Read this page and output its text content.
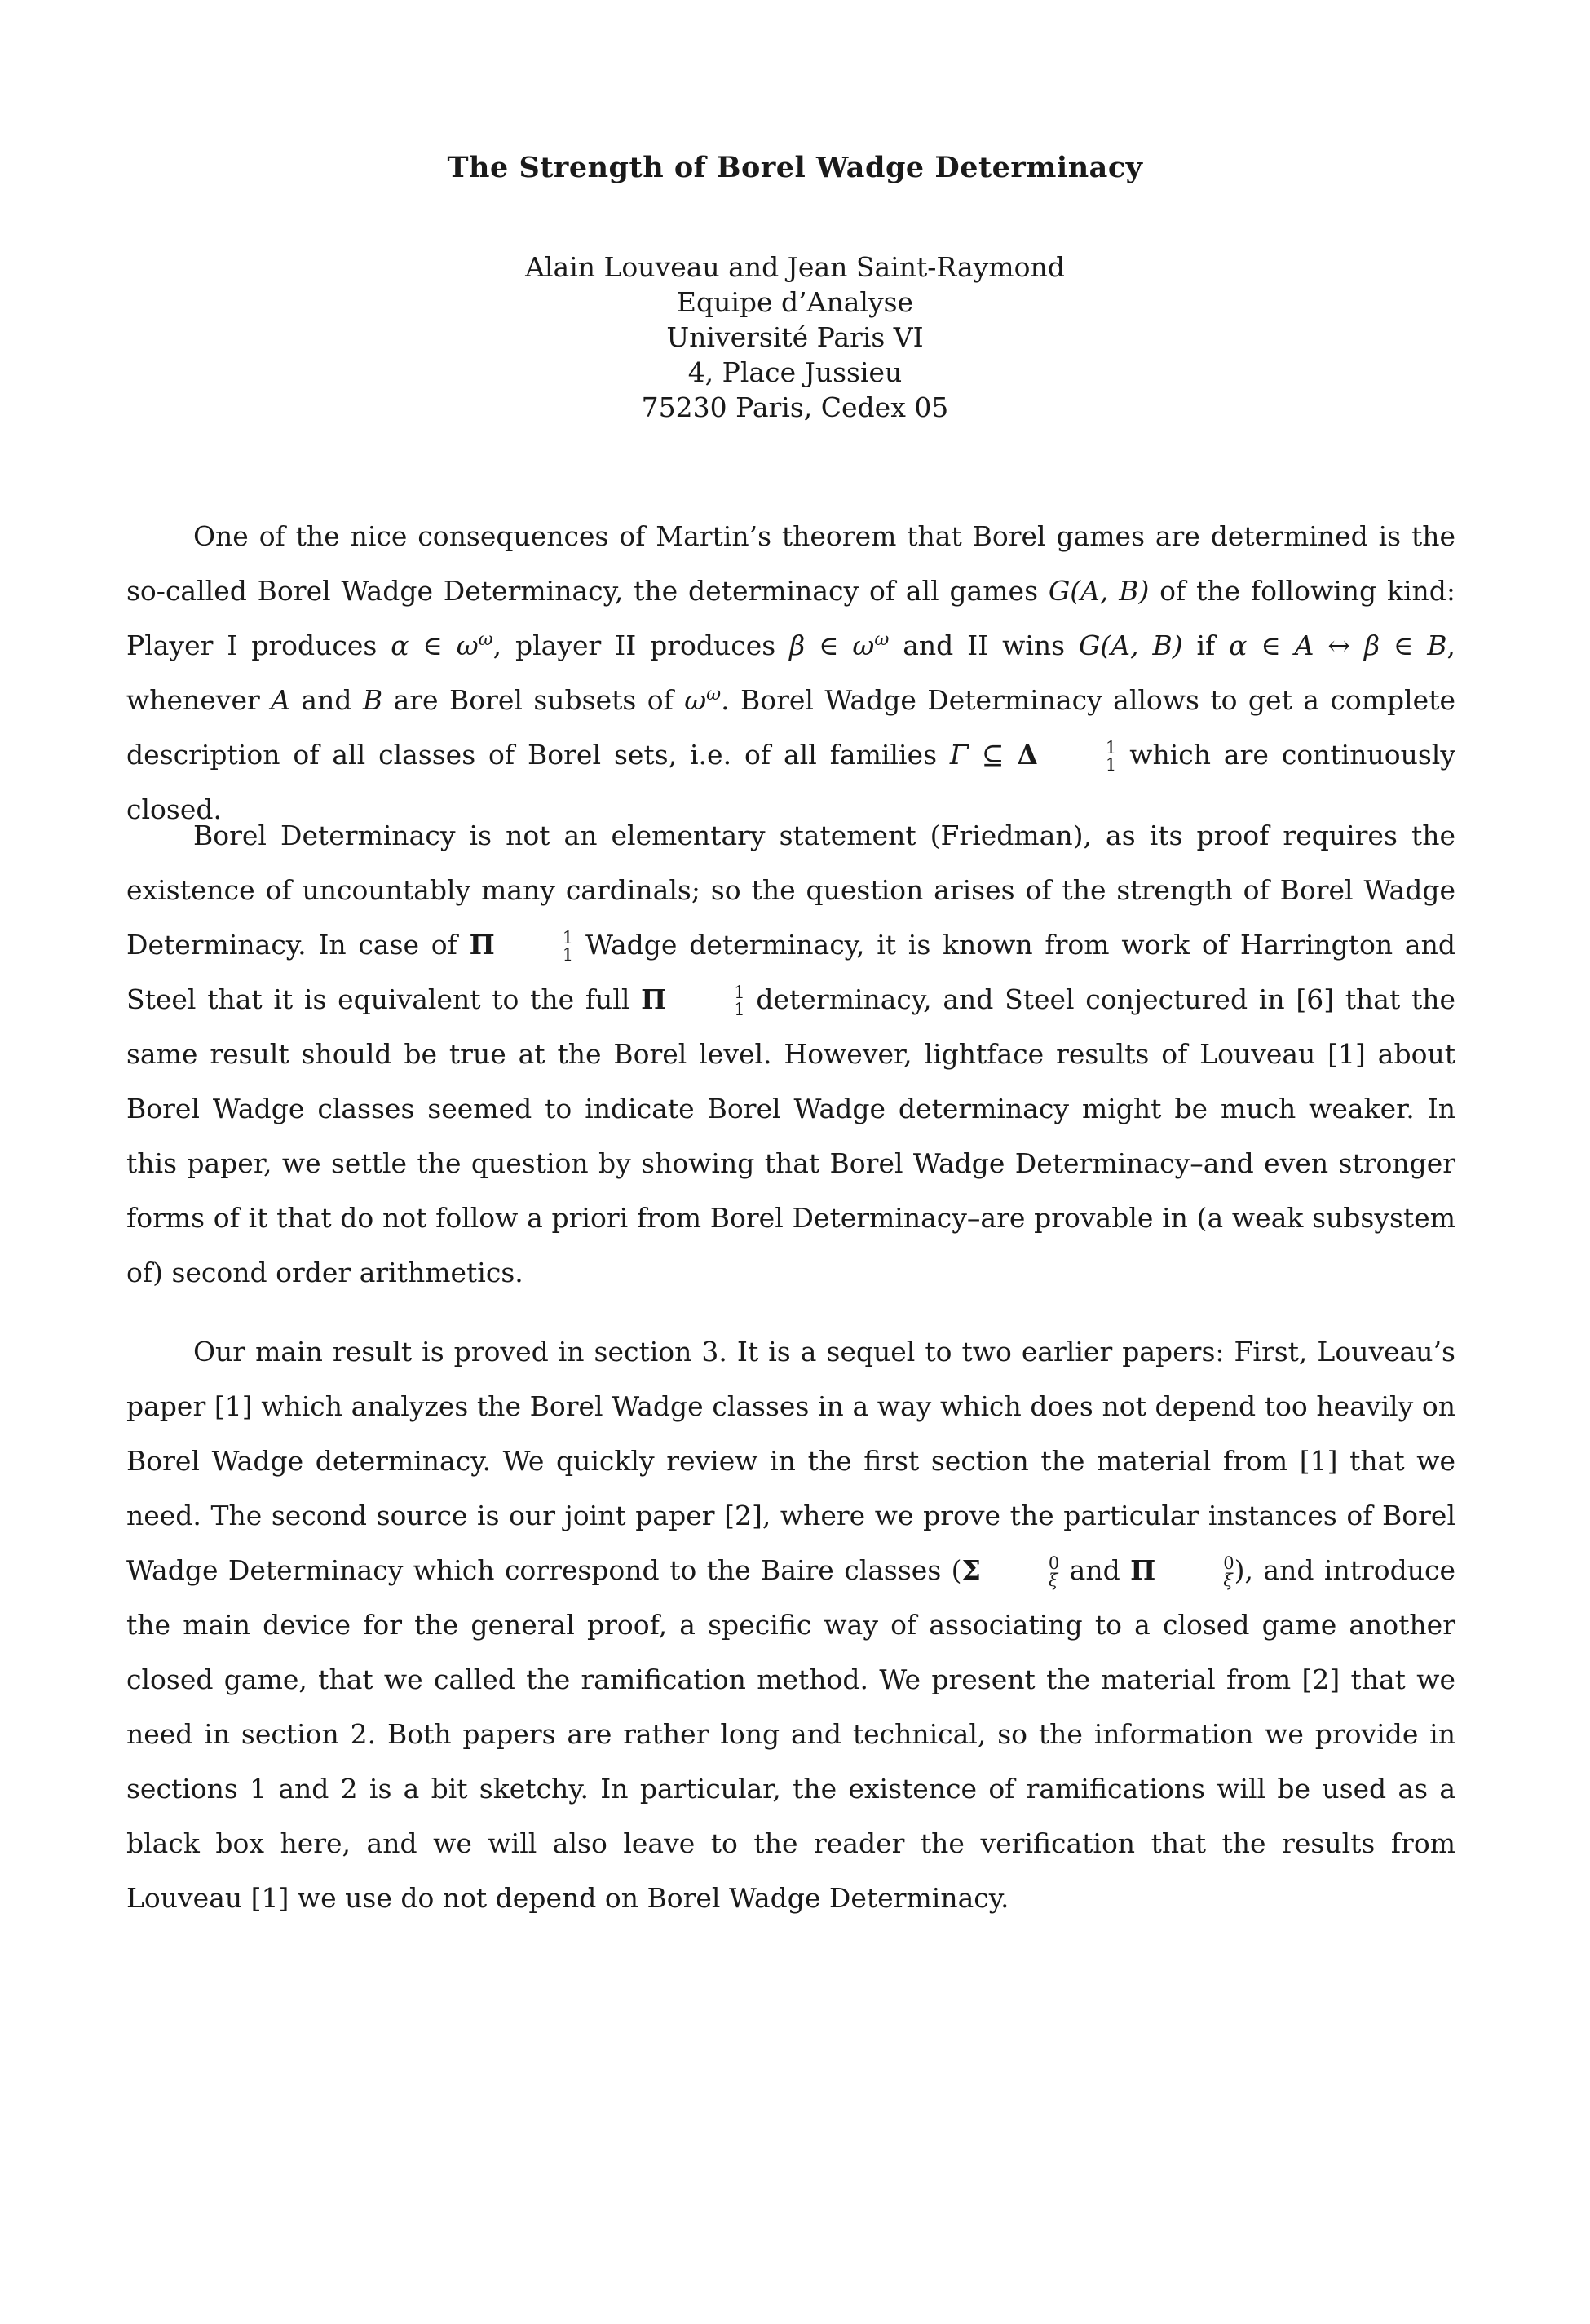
The Strength of Borel Wadge Determinacy
Alain Louveau and Jean Saint-Raymond
Equipe d’Analyse
Université Paris VI
4, Place Jussieu
75230 Paris, Cedex 05

One of the nice consequences of Martin’s theorem that Borel games are determined is the so-called Borel Wadge Determinacy, the determinacy of all games G(A, B) of the following kind: Player I produces α ∈ $\omega^\omega$, player II produces β ∈ $\omega^\omega$ and II wins G(A, B) if α ∈ A ↔ β ∈ B, whenever A and B are Borel subsets of $\omega^\omega$. Borel Wadge Determinacy allows to get a complete description of all classes of Borel sets, i.e. of all families Γ ⊆ Δ	1
1 which are continuously closed.

Borel Determinacy is not an elementary statement (Friedman), as its proof requires the existence of uncountably many cardinals; so the question arises of the strength of Borel Wadge Determinacy. In case of Π	1
1 Wadge determinacy, it is known from work of Harrington and Steel that it is equivalent to the full Π	1
1 determinacy, and Steel conjectured in [6] that the same result should be true at the Borel level. However, lightface results of Louveau [1] about Borel Wadge classes seemed to indicate Borel Wadge determinacy might be much weaker. In this paper, we settle the question by showing that Borel Wadge Determinacy–and even stronger forms of it that do not follow a priori from Borel Determinacy–are provable in (a weak subsystem of) second order arithmetics.

Our main result is proved in section 3. It is a sequel to two earlier papers: First, Louveau’s paper [1] which analyzes the Borel Wadge classes in a way which does not depend too heavily on Borel Wadge determinacy. We quickly review in the first section the material from [1] that we need. The second source is our joint paper [2], where we prove the particular instances of Borel Wadge Determinacy which correspond to the Baire classes (Σ	0
ξ and Π	0
ξ ), and introduce the main device for the general proof, a specific way of associating to a closed game another closed game, that we called the ramification method. We present the material from [2] that we need in section 2. Both papers are rather long and technical, so the information we provide in sections 1 and 2 is a bit sketchy. In particular, the existence of ramifications will be used as a black box here, and we will also leave to the reader the verification that the results from Louveau [1] we use do not depend on Borel Wadge Determinacy.
